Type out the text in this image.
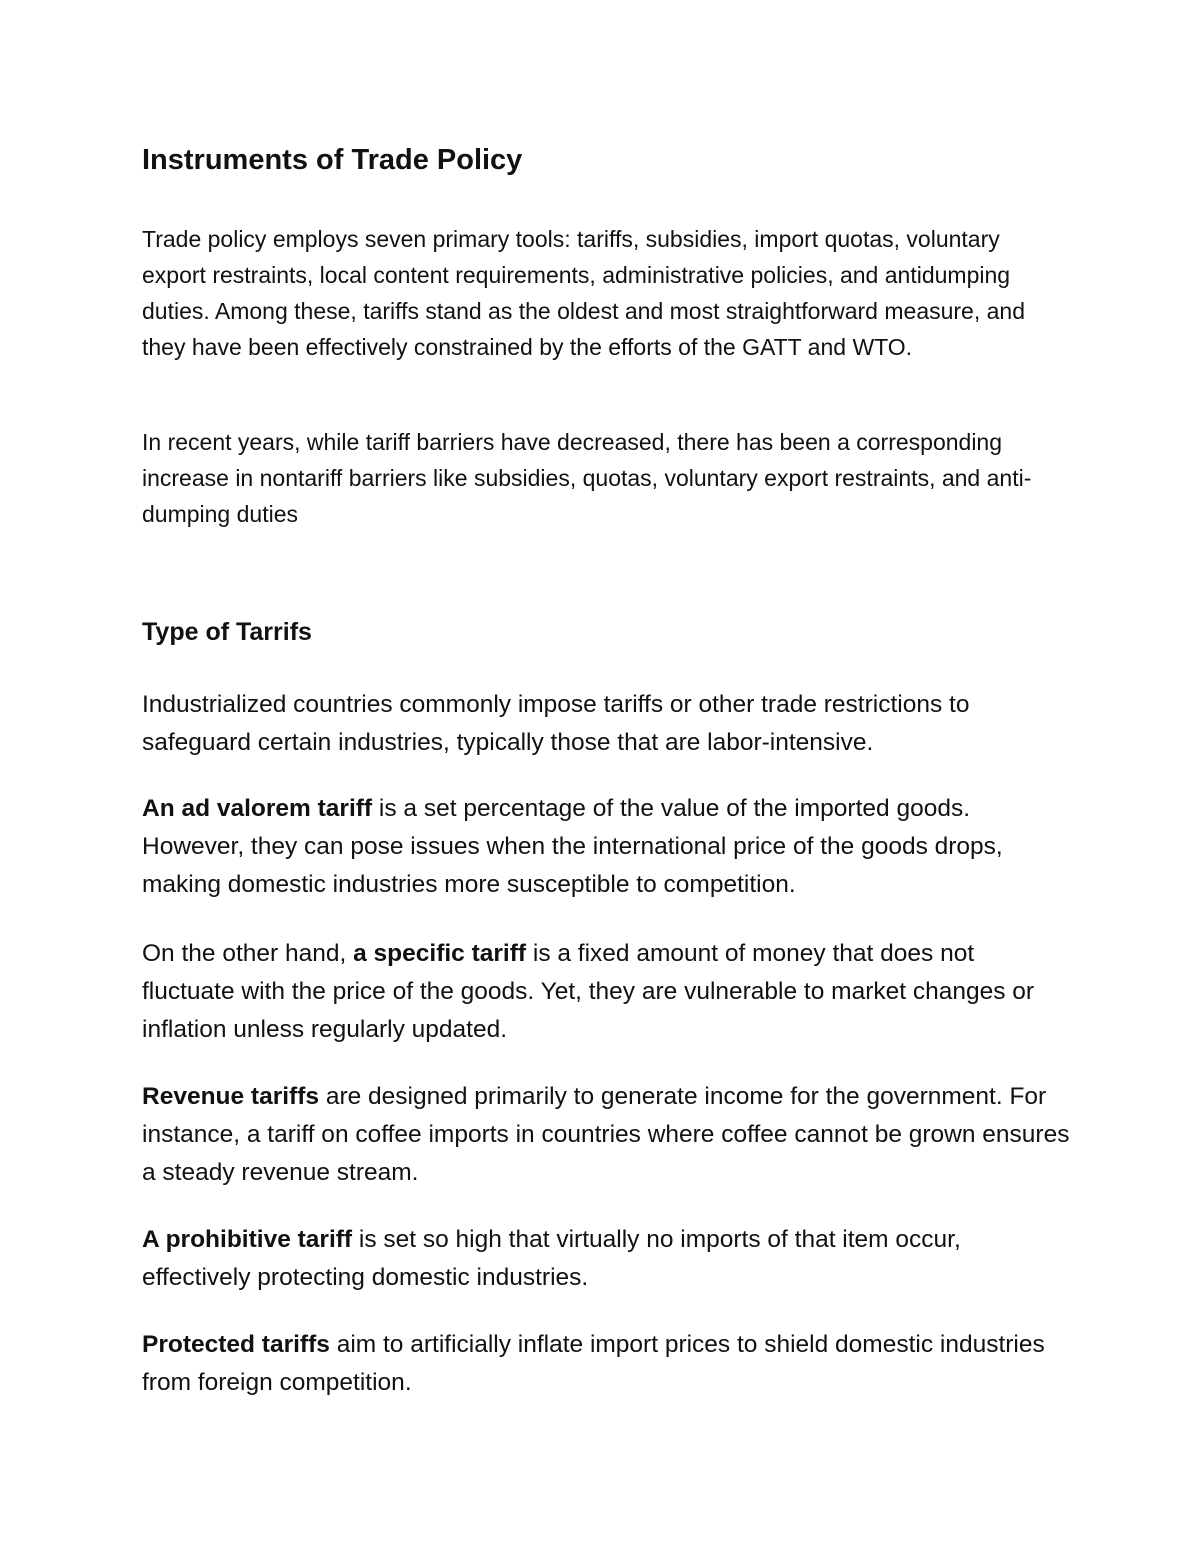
Instruments of Trade Policy

Trade policy employs seven primary tools: tariffs, subsidies, import quotas, voluntary export restraints, local content requirements, administrative policies, and antidumping duties. Among these, tariffs stand as the oldest and most straightforward measure, and they have been effectively constrained by the efforts of the GATT and WTO.

In recent years, while tariff barriers have decreased, there has been a corresponding increase in nontariff barriers like subsidies, quotas, voluntary export restraints, and anti-dumping duties

Type of Tarrifs

Industrialized countries commonly impose tariffs or other trade restrictions to safeguard certain industries, typically those that are labor-intensive.

An ad valorem tariff is a set percentage of the value of the imported goods. However, they can pose issues when the international price of the goods drops, making domestic industries more susceptible to competition.

On the other hand, a specific tariff is a fixed amount of money that does not fluctuate with the price of the goods. Yet, they are vulnerable to market changes or inflation unless regularly updated.

Revenue tariffs are designed primarily to generate income for the government. For instance, a tariff on coffee imports in countries where coffee cannot be grown ensures a steady revenue stream.

A prohibitive tariff is set so high that virtually no imports of that item occur, effectively protecting domestic industries.

Protected tariffs aim to artificially inflate import prices to shield domestic industries from foreign competition.
